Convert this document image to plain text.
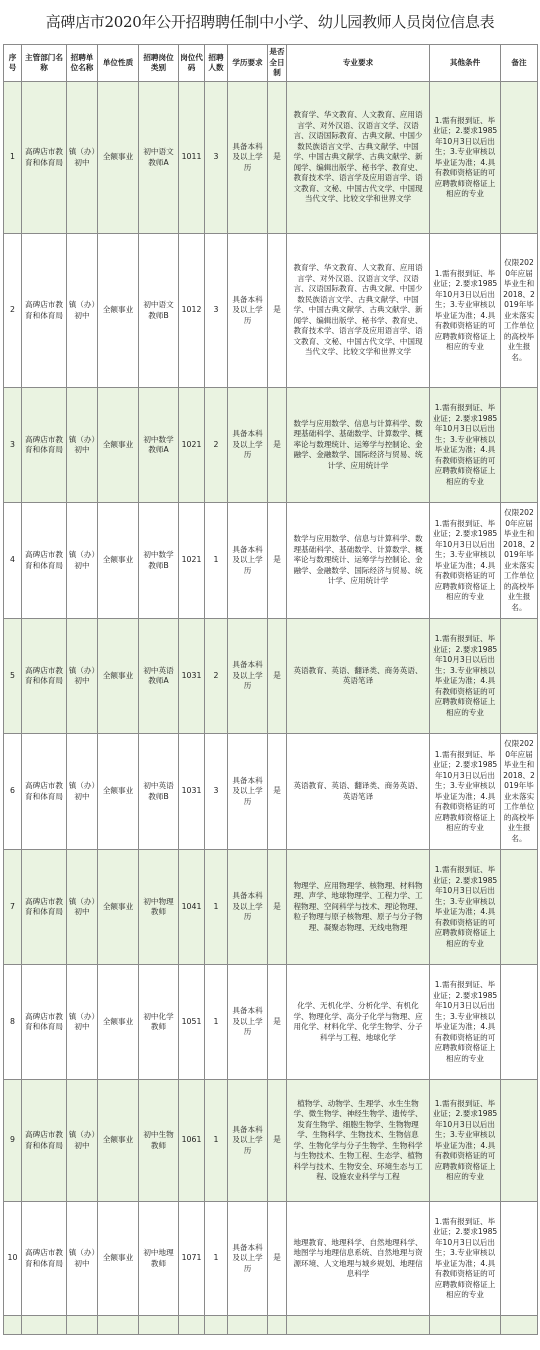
高碑店市2020年公开招聘聘任制中小学、幼儿园教师人员岗位信息表
序号	主管部门名称	招聘单位名称	单位性质	招聘岗位类别	岗位代码	招聘人数	学历要求	是否全日制	专业要求	其他条件	备注
1	高碑店市教育和体育局	镇（办）初中	全额事业	初中语文教师A	1011	3	具备本科及以上学历	是	教育学、华文教育、人文教育、应用语言学、对外汉语、汉语言文学、汉语言、汉语国际教育、古典文献、中国少数民族语言文学、古典文献学、中国学、中国古典文献学、古典文献学、新闻学、编辑出版学、秘书学、教育史、教育技术学、语言学及应用语言学、语文教育、文秘、中国古代文学、中国现当代文学、比较文学和世界文学	1.需有报到证、毕业证；2.要求1985年10月3日以后出生；3.专业审核以毕业证为准；4.具有教师资格证的可应聘教师资格证上相应的专业	
2	高碑店市教育和体育局	镇（办）初中	全额事业	初中语文教师B	1012	3	具备本科及以上学历	是	教育学、华文教育、人文教育、应用语言学、对外汉语、汉语言文学、汉语言、汉语国际教育、古典文献、中国少数民族语言文学、古典文献学、中国学、中国古典文献学、古典文献学、新闻学、编辑出版学、秘书学、教育史、教育技术学、语言学及应用语言学、语文教育、文秘、中国古代文学、中国现当代文学、比较文学和世界文学	1.需有报到证、毕业证；2.要求1985年10月3日以后出生；3.专业审核以毕业证为准；4.具有教师资格证的可应聘教师资格证上相应的专业	仅限2020年应届毕业生和2018、2019年毕业未落实工作单位的高校毕业生报名。
3	高碑店市教育和体育局	镇（办）初中	全额事业	初中数学教师A	1021	2	具备本科及以上学历	是	数学与应用数学、信息与计算科学、数理基础科学、基础数学、计算数学、概率论与数理统计、运筹学与控制论、金融学、金融数学、国际经济与贸易、统计学、应用统计学	1.需有报到证、毕业证；2.要求1985年10月3日以后出生；3.专业审核以毕业证为准；4.具有教师资格证的可应聘教师资格证上相应的专业	
4	高碑店市教育和体育局	镇（办）初中	全额事业	初中数学教师B	1021	1	具备本科及以上学历	是	数学与应用数学、信息与计算科学、数理基础科学、基础数学、计算数学、概率论与数理统计、运筹学与控制论、金融学、金融数学、国际经济与贸易、统计学、应用统计学	1.需有报到证、毕业证；2.要求1985年10月3日以后出生；3.专业审核以毕业证为准；4.具有教师资格证的可应聘教师资格证上相应的专业	仅限2020年应届毕业生和2018、2019年毕业未落实工作单位的高校毕业生报名。
5	高碑店市教育和体育局	镇（办）初中	全额事业	初中英语教师A	1031	2	具备本科及以上学历	是	英语教育、英语、翻译类、商务英语、英语笔译	1.需有报到证、毕业证；2.要求1985年10月3日以后出生；3.专业审核以毕业证为准；4.具有教师资格证的可应聘教师资格证上相应的专业	
6	高碑店市教育和体育局	镇（办）初中	全额事业	初中英语教师B	1031	3	具备本科及以上学历	是	英语教育、英语、翻译类、商务英语、英语笔译	1.需有报到证、毕业证；2.要求1985年10月3日以后出生；3.专业审核以毕业证为准；4.具有教师资格证的可应聘教师资格证上相应的专业	仅限2020年应届毕业生和2018、2019年毕业未落实工作单位的高校毕业生报名。
7	高碑店市教育和体育局	镇（办）初中	全额事业	初中物理教师	1041	1	具备本科及以上学历	是	物理学、应用物理学、核物理、材料物理、声学、地球物理学、工程力学、工程物理、空间科学与技术、理论物理、粒子物理与原子核物理、原子与分子物理、凝聚态物理、无线电物理	1.需有报到证、毕业证；2.要求1985年10月3日以后出生；3.专业审核以毕业证为准；4.具有教师资格证的可应聘教师资格证上相应的专业	
8	高碑店市教育和体育局	镇（办）初中	全额事业	初中化学教师	1051	1	具备本科及以上学历	是	化学、无机化学、分析化学、有机化学、物理化学、高分子化学与物理、应用化学、材料化学、化学生物学、分子科学与工程、地球化学	1.需有报到证、毕业证；2.要求1985年10月3日以后出生；3.专业审核以毕业证为准；4.具有教师资格证的可应聘教师资格证上相应的专业	
9	高碑店市教育和体育局	镇（办）初中	全额事业	初中生物教师	1061	1	具备本科及以上学历	是	植物学、动物学、生理学、水生生物学、微生物学、神经生物学、遗传学、发育生物学、细胞生物学、生物物理学、生物科学、生物技术、生物信息学、生物化学与分子生物学、生物科学与生物技术、生物工程、生态学、植物科学与技术、生物安全、环境生态与工程、设施农业科学与工程	1.需有报到证、毕业证；2.要求1985年10月3日以后出生；3.专业审核以毕业证为准；4.具有教师资格证的可应聘教师资格证上相应的专业	
10	高碑店市教育和体育局	镇（办）初中	全额事业	初中地理教师	1071	1	具备本科及以上学历	是	地理教育、地理科学、自然地理科学、地图学与地理信息系统、自然地理与资源环境、人文地理与城乡规划、地理信息科学	1.需有报到证、毕业证；2.要求1985年10月3日以后出生；3.专业审核以毕业证为准；4.具有教师资格证的可应聘教师资格证上相应的专业	
